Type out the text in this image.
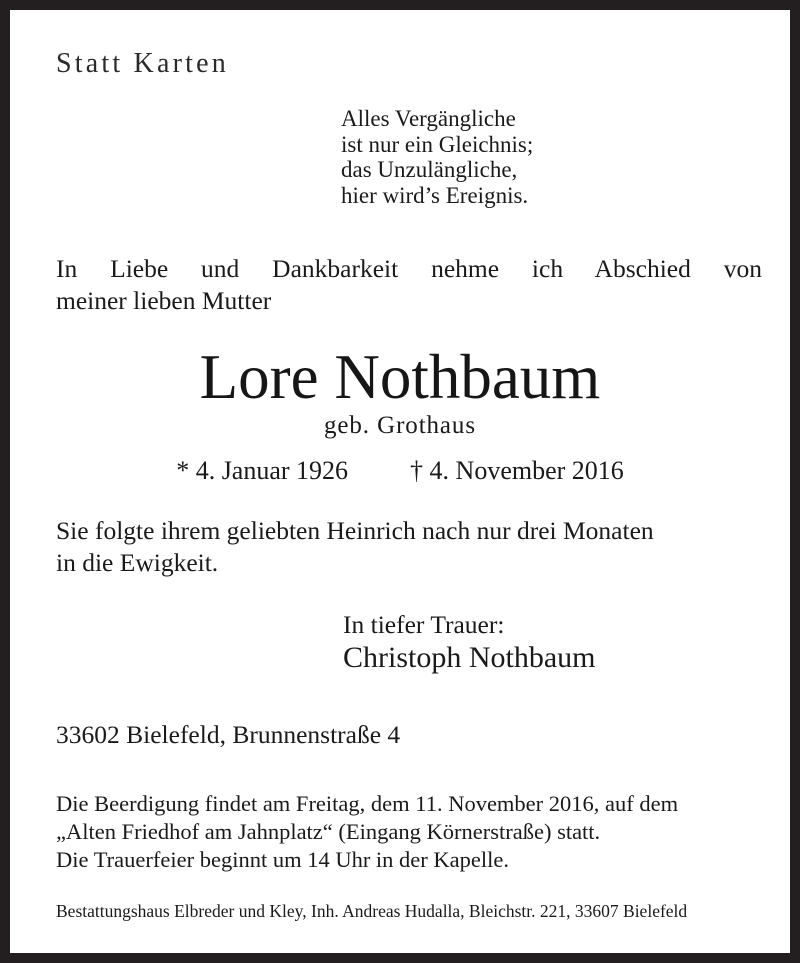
Statt Karten
Alles Vergängliche
ist nur ein Gleichnis;
das Unzulängliche,
hier wird’s Ereignis.
In Liebe und Dankbarkeit nehme ich Abschied von
meiner lieben Mutter
Lore Nothbaum
geb. Grothaus
* 4. Januar 1926 † 4. November 2016
Sie folgte ihrem geliebten Heinrich nach nur drei Monaten
in die Ewigkeit.
In tiefer Trauer:
Christoph Nothbaum
33602 Bielefeld, Brunnenstraße 4
Die Beerdigung findet am Freitag, dem 11. November 2016, auf dem
„Alten Friedhof am Jahnplatz“ (Eingang Körnerstraße) statt.
Die Trauerfeier beginnt um 14 Uhr in der Kapelle.
Bestattungshaus Elbreder und Kley, Inh. Andreas Hudalla, Bleichstr. 221, 33607 Bielefeld
